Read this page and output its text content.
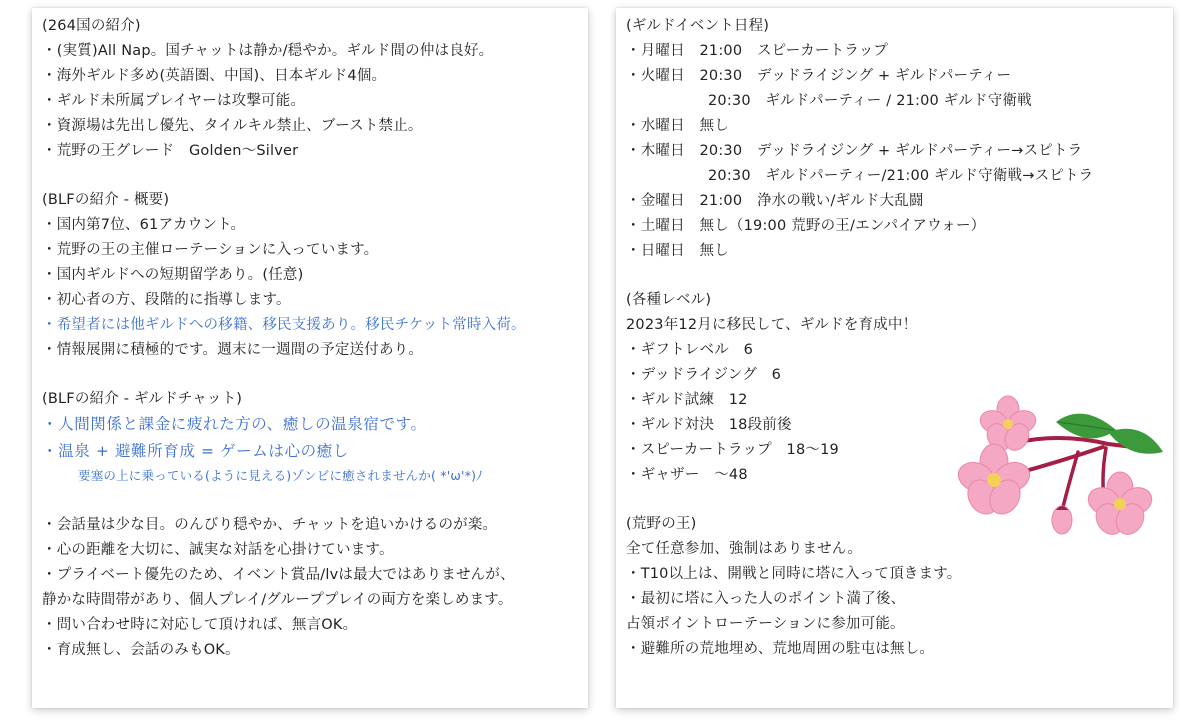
(264国の紹介)
・(実質)All Nap。国チャットは静か/穏やか。ギルド間の仲は良好。
・海外ギルド多め(英語圏、中国)、日本ギルド4個。
・ギルド未所属プレイヤーは攻撃可能。
・資源場は先出し優先、タイルキル禁止、ブースト禁止。
・荒野の王グレード　Golden～Silver
(BLFの紹介 - 概要)
・国内第7位、61アカウント。
・荒野の王の主催ローテーションに入っています。
・国内ギルドへの短期留学あり。(任意)
・初心者の方、段階的に指導します。
・希望者には他ギルドへの移籍、移民支援あり。移民チケット常時入荷。
・情報展開に積極的です。週末に一週間の予定送付あり。
(BLFの紹介 - ギルドチャット)
・人間関係と課金に疲れた方の、癒しの温泉宿です。
・温泉 + 避難所育成 = ゲームは心の癒し
要塞の上に乗っている(ように見える)ゾンビに癒されませんか( *'ω'*)ﾉ
・会話量は少な目。のんびり穏やか、チャットを追いかけるのが楽。
・心の距離を大切に、誠実な対話を心掛けています。
・プライベート優先のため、イベント賞品/lvは最大ではありませんが、
静かな時間帯があり、個人プレイ/グループプレイの両方を楽しめます。
・問い合わせ時に対応して頂ければ、無言OK。
・育成無し、会話のみもOK。
(ギルドイベント日程)
・月曜日　21:00　スピーカートラップ
・火曜日　20:30　デッドライジング + ギルドパーティー
20:30　ギルドパーティー / 21:00 ギルド守衛戦
・水曜日　無し
・木曜日　20:30　デッドライジング + ギルドパーティー→スピトラ
20:30　ギルドパーティー/21:00 ギルド守衛戦→スピトラ
・金曜日　21:00　浄水の戦い/ギルド大乱闘
・土曜日　無し（19:00 荒野の王/エンパイアウォー）
・日曜日　無し
(各種レベル)
2023年12月に移民して、ギルドを育成中！
・ギフトレベル　6
・デッドライジング　6
・ギルド試練　12
・ギルド対決　18段前後
・スピーカートラップ　18～19
・ギャザー　～48
(荒野の王)
全て任意参加、強制はありません。
・T10以上は、開戦と同時に塔に入って頂きます。
・最初に塔に入った人のポイント満了後、
占領ポイントローテーションに参加可能。
・避難所の荒地埋め、荒地周囲の駐屯は無し。
